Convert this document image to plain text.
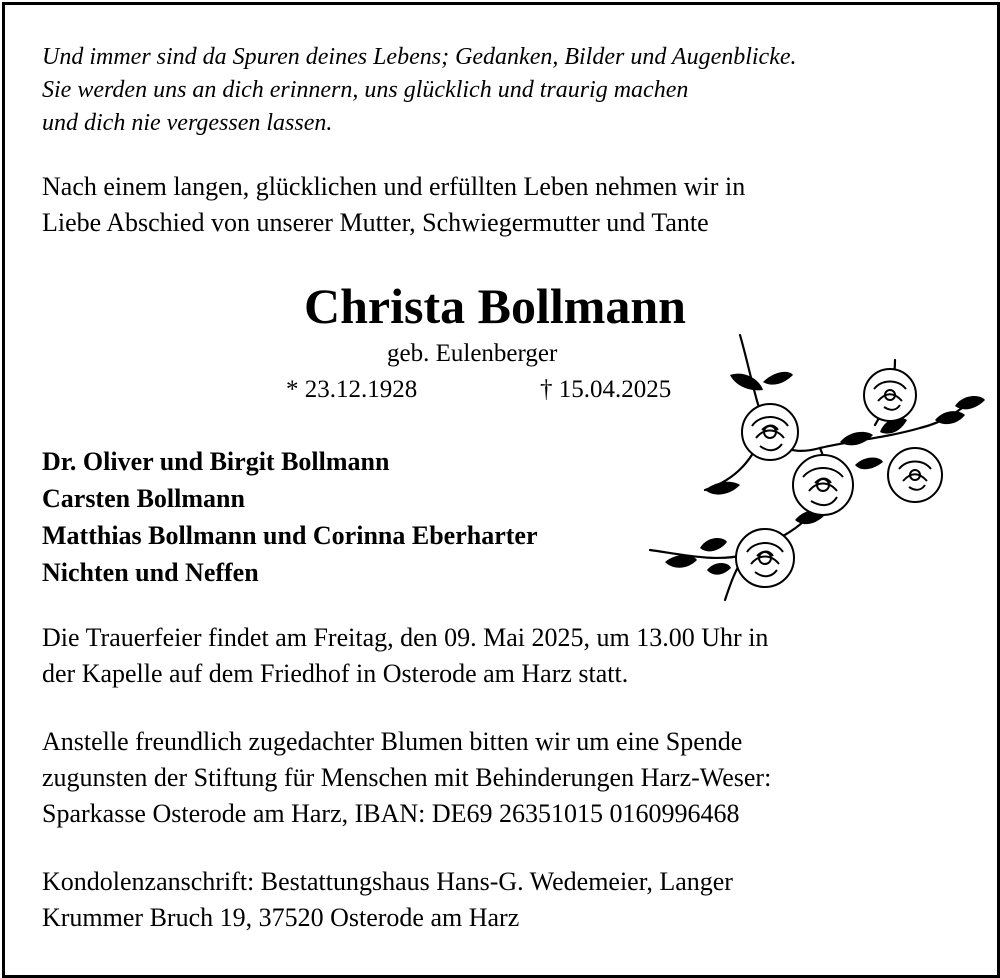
Und immer sind da Spuren deines Lebens; Gedanken, Bilder und Augenblicke.
Sie werden uns an dich erinnern, uns glücklich und traurig machen
und dich nie vergessen lassen.
Nach einem langen, glücklichen und erfüllten Leben nehmen wir in
Liebe Abschied von unserer Mutter, Schwiegermutter und Tante
Christa Bollmann
geb. Eulenberger
* 23.12.1928	† 15.04.2025
Dr. Oliver und Birgit Bollmann
Carsten Bollmann
Matthias Bollmann und Corinna Eberharter
Nichten und Neffen
Die Trauerfeier findet am Freitag, den 09. Mai 2025, um 13.00 Uhr in
der Kapelle auf dem Friedhof in Osterode am Harz statt.
Anstelle freundlich zugedachter Blumen bitten wir um eine Spende
zugunsten der Stiftung für Menschen mit Behinderungen Harz-Weser:
Sparkasse Osterode am Harz, IBAN: DE69 26351015 0160996468
Kondolenzanschrift: Bestattungshaus Hans-G. Wedemeier, Langer
Krummer Bruch 19, 37520 Osterode am Harz
